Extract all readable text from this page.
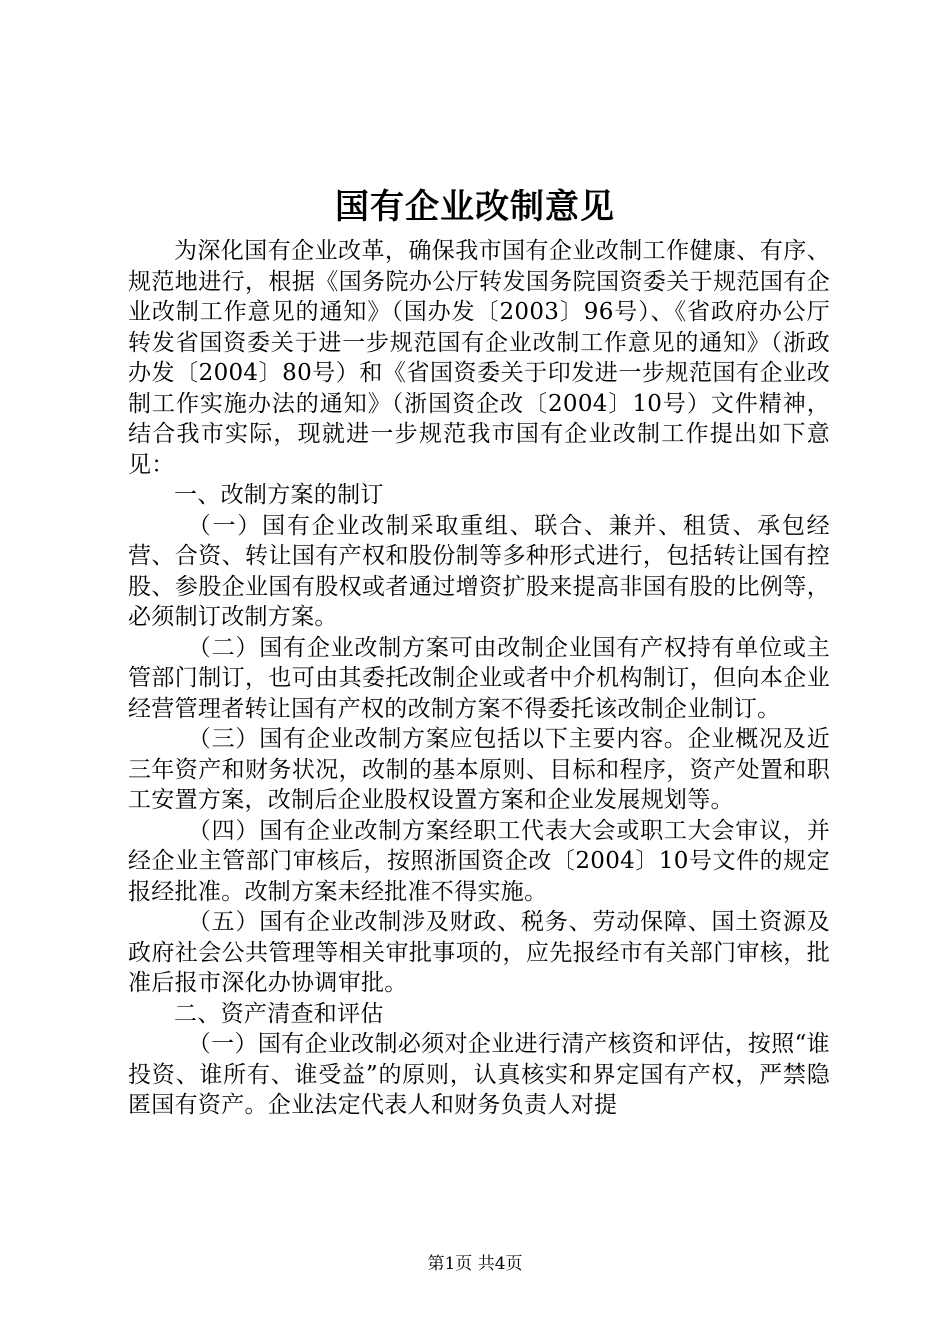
国有企业改制意见

为深化国有企业改革，确保我市国有企业改制工作健康、有序、规范地进行，根据《国务院办公厅转发国务院国资委关于规范国有企业改制工作意见的通知》（国办发〔2003〕96号）、《省政府办公厅转发省国资委关于进一步规范国有企业改制工作意见的通知》（浙政办发〔2004〕80号）和《省国资委关于印发进一步规范国有企业改制工作实施办法的通知》（浙国资企改〔2004〕10号）文件精神，结合我市实际，现就进一步规范我市国有企业改制工作提出如下意见：

一、改制方案的制订

（一）国有企业改制采取重组、联合、兼并、租赁、承包经营、合资、转让国有产权和股份制等多种形式进行，包括转让国有控股、参股企业国有股权或者通过增资扩股来提高非国有股的比例等，必须制订改制方案。

（二）国有企业改制方案可由改制企业国有产权持有单位或主管部门制订，也可由其委托改制企业或者中介机构制订，但向本企业经营管理者转让国有产权的改制方案不得委托该改制企业制订。

（三）国有企业改制方案应包括以下主要内容。企业概况及近三年资产和财务状况，改制的基本原则、目标和程序，资产处置和职工安置方案，改制后企业股权设置方案和企业发展规划等。

（四）国有企业改制方案经职工代表大会或职工大会审议，并经企业主管部门审核后，按照浙国资企改〔2004〕10号文件的规定报经批准。改制方案未经批准不得实施。

（五）国有企业改制涉及财政、税务、劳动保障、国土资源及政府社会公共管理等相关审批事项的，应先报经市有关部门审核，批准后报市深化办协调审批。

二、资产清查和评估

（一）国有企业改制必须对企业进行清产核资和评估，按照“谁投资、谁所有、谁受益”的原则，认真核实和界定国有产权，严禁隐匿国有资产。企业法定代表人和财务负责人对提

第1页 共4页
